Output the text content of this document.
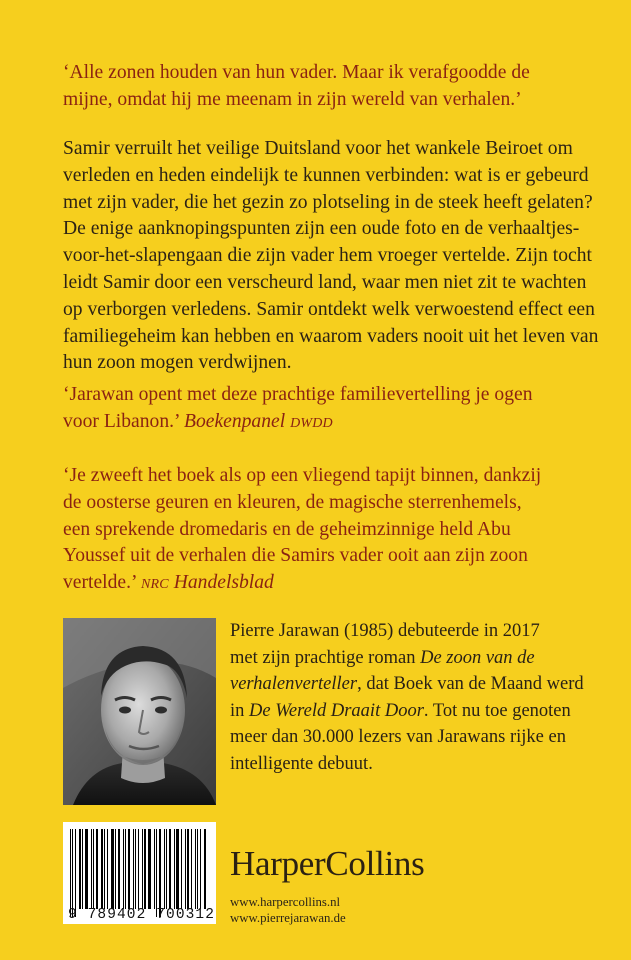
‘Alle zonen houden van hun vader. Maar ik verafgoodde de
mijne, omdat hij me meenam in zijn wereld van verhalen.’
Samir verruilt het veilige Duitsland voor het wankele Beiroet om
verleden en heden eindelijk te kunnen verbinden: wat is er gebeurd
met zijn vader, die het gezin zo plotseling in de steek heeft gelaten?
De enige aanknopingspunten zijn een oude foto en de verhaaltjes-
voor-het-slapengaan die zijn vader hem vroeger vertelde. Zijn tocht
leidt Samir door een verscheurd land, waar men niet zit te wachten
op verborgen verledens. Samir ontdekt welk verwoestend effect een
familiegeheim kan hebben en waarom vaders nooit uit het leven van
hun zoon mogen verdwijnen.
‘Jarawan opent met deze prachtige familievertelling je ogen
voor Libanon.’ Boekenpanel DWDD
‘Je zweeft het boek als op een vliegend tapijt binnen, dankzij
de oosterse geuren en kleuren, de magische sterrenhemels,
een sprekende dromedaris en de geheimzinnige held Abu
Youssef uit de verhalen die Samirs vader ooit aan zijn zoon
vertelde.’ NRC Handelsblad
Pierre Jarawan (1985) debuteerde in 2017
met zijn prachtige roman De zoon van de
verhalenverteller, dat Boek van de Maand werd
in De Wereld Draait Door. Tot nu toe genoten
meer dan 30.000 lezers van Jarawans rijke en
intelligente debuut.
9 789402 700312
HarperCollins
www.harpercollins.nl
www.pierrejarawan.de
